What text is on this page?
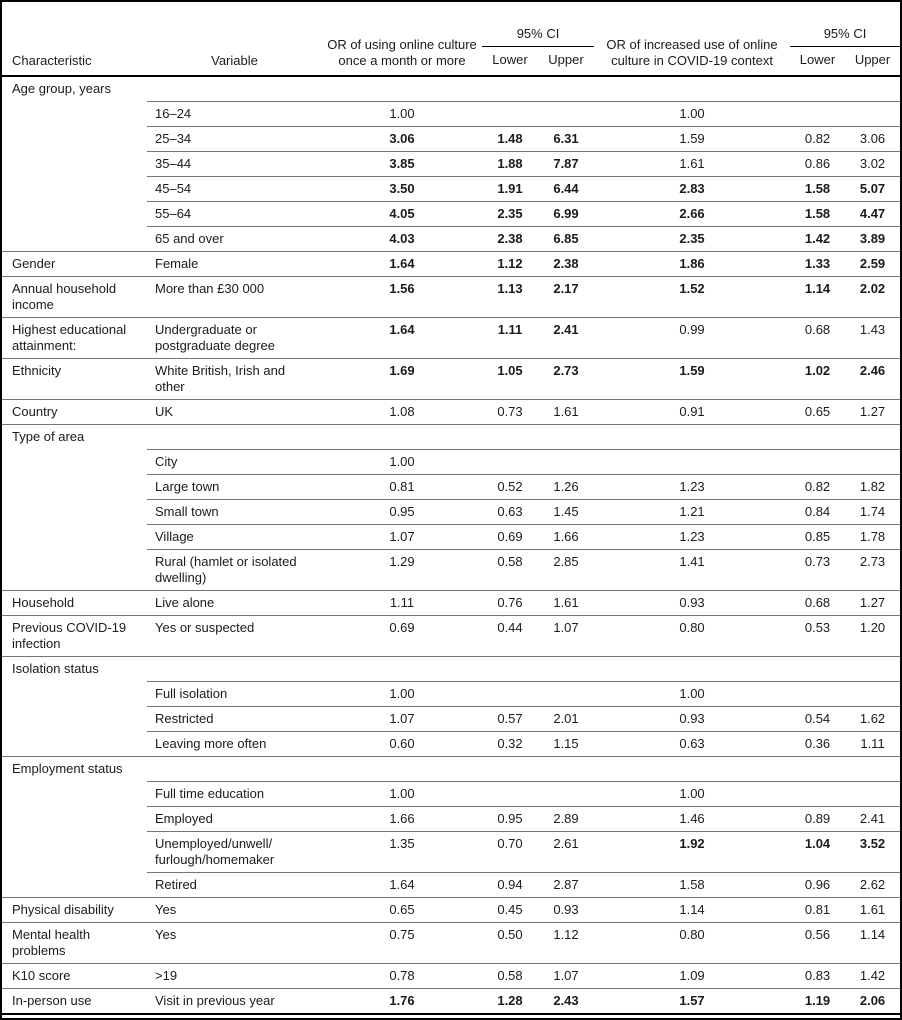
Characteristic	Variable	OR of using online culture once a month or more	95% CI		OR of increased use of online culture in COVID-19 context	95% CI	
			Lower	Upper		Lower	Upper
Age group, years							
	16–24	1.00			1.00		
	25–34	3.06	1.48	6.31	1.59	0.82	3.06
	35–44	3.85	1.88	7.87	1.61	0.86	3.02
	45–54	3.50	1.91	6.44	2.83	1.58	5.07
	55–64	4.05	2.35	6.99	2.66	1.58	4.47
	65 and over	4.03	2.38	6.85	2.35	1.42	3.89
Gender	Female	1.64	1.12	2.38	1.86	1.33	2.59
Annual household income	More than £30 000	1.56	1.13	2.17	1.52	1.14	2.02
Highest educational attainment:	Undergraduate or postgraduate degree	1.64	1.11	2.41	0.99	0.68	1.43
Ethnicity	White British, Irish and other	1.69	1.05	2.73	1.59	1.02	2.46
Country	UK	1.08	0.73	1.61	0.91	0.65	1.27
Type of area							
	City	1.00					
	Large town	0.81	0.52	1.26	1.23	0.82	1.82
	Small town	0.95	0.63	1.45	1.21	0.84	1.74
	Village	1.07	0.69	1.66	1.23	0.85	1.78
	Rural (hamlet or isolated dwelling)	1.29	0.58	2.85	1.41	0.73	2.73
Household	Live alone	1.11	0.76	1.61	0.93	0.68	1.27
Previous COVID-19 infection	Yes or suspected	0.69	0.44	1.07	0.80	0.53	1.20
Isolation status							
	Full isolation	1.00			1.00		
	Restricted	1.07	0.57	2.01	0.93	0.54	1.62
	Leaving more often	0.60	0.32	1.15	0.63	0.36	1.11
Employment status							
	Full time education	1.00			1.00		
	Employed	1.66	0.95	2.89	1.46	0.89	2.41
	Unemployed/unwell/​furlough/homemaker	1.35	0.70	2.61	1.92	1.04	3.52
	Retired	1.64	0.94	2.87	1.58	0.96	2.62
Physical disability	Yes	0.65	0.45	0.93	1.14	0.81	1.61
Mental health problems	Yes	0.75	0.50	1.12	0.80	0.56	1.14
K10 score	>19	0.78	0.58	1.07	1.09	0.83	1.42
In-person use	Visit in previous year	1.76	1.28	2.43	1.57	1.19	2.06
